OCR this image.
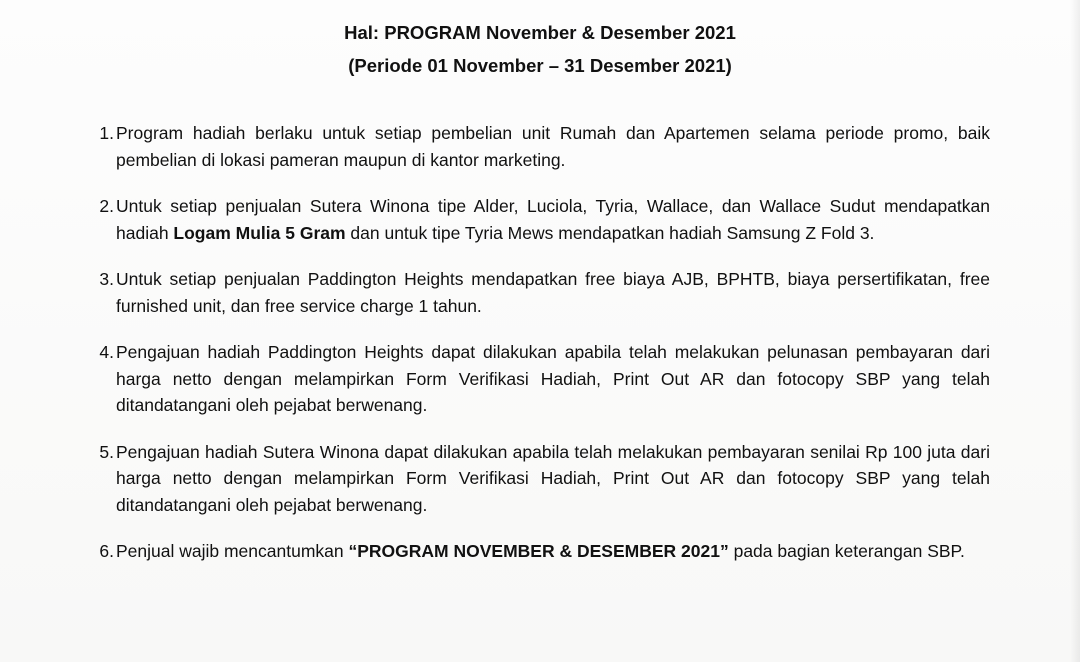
Hal: PROGRAM November & Desember 2021
(Periode 01 November – 31 Desember 2021)
1. Program hadiah berlaku untuk setiap pembelian unit Rumah dan Apartemen selama periode promo, baik pembelian di lokasi pameran maupun di kantor marketing.
2. Untuk setiap penjualan Sutera Winona tipe Alder, Luciola, Tyria, Wallace, dan Wallace Sudut mendapatkan hadiah Logam Mulia 5 Gram dan untuk tipe Tyria Mews mendapatkan hadiah Samsung Z Fold 3.
3. Untuk setiap penjualan Paddington Heights mendapatkan free biaya AJB, BPHTB, biaya persertifikatan, free furnished unit, dan free service charge 1 tahun.
4. Pengajuan hadiah Paddington Heights dapat dilakukan apabila telah melakukan pelunasan pembayaran dari harga netto dengan melampirkan Form Verifikasi Hadiah, Print Out AR dan fotocopy SBP yang telah ditandatangani oleh pejabat berwenang.
5. Pengajuan hadiah Sutera Winona dapat dilakukan apabila telah melakukan pembayaran senilai Rp 100 juta dari harga netto dengan melampirkan Form Verifikasi Hadiah, Print Out AR dan fotocopy SBP yang telah ditandatangani oleh pejabat berwenang.
6. Penjual wajib mencantumkan “PROGRAM NOVEMBER & DESEMBER 2021” pada bagian keterangan SBP.
